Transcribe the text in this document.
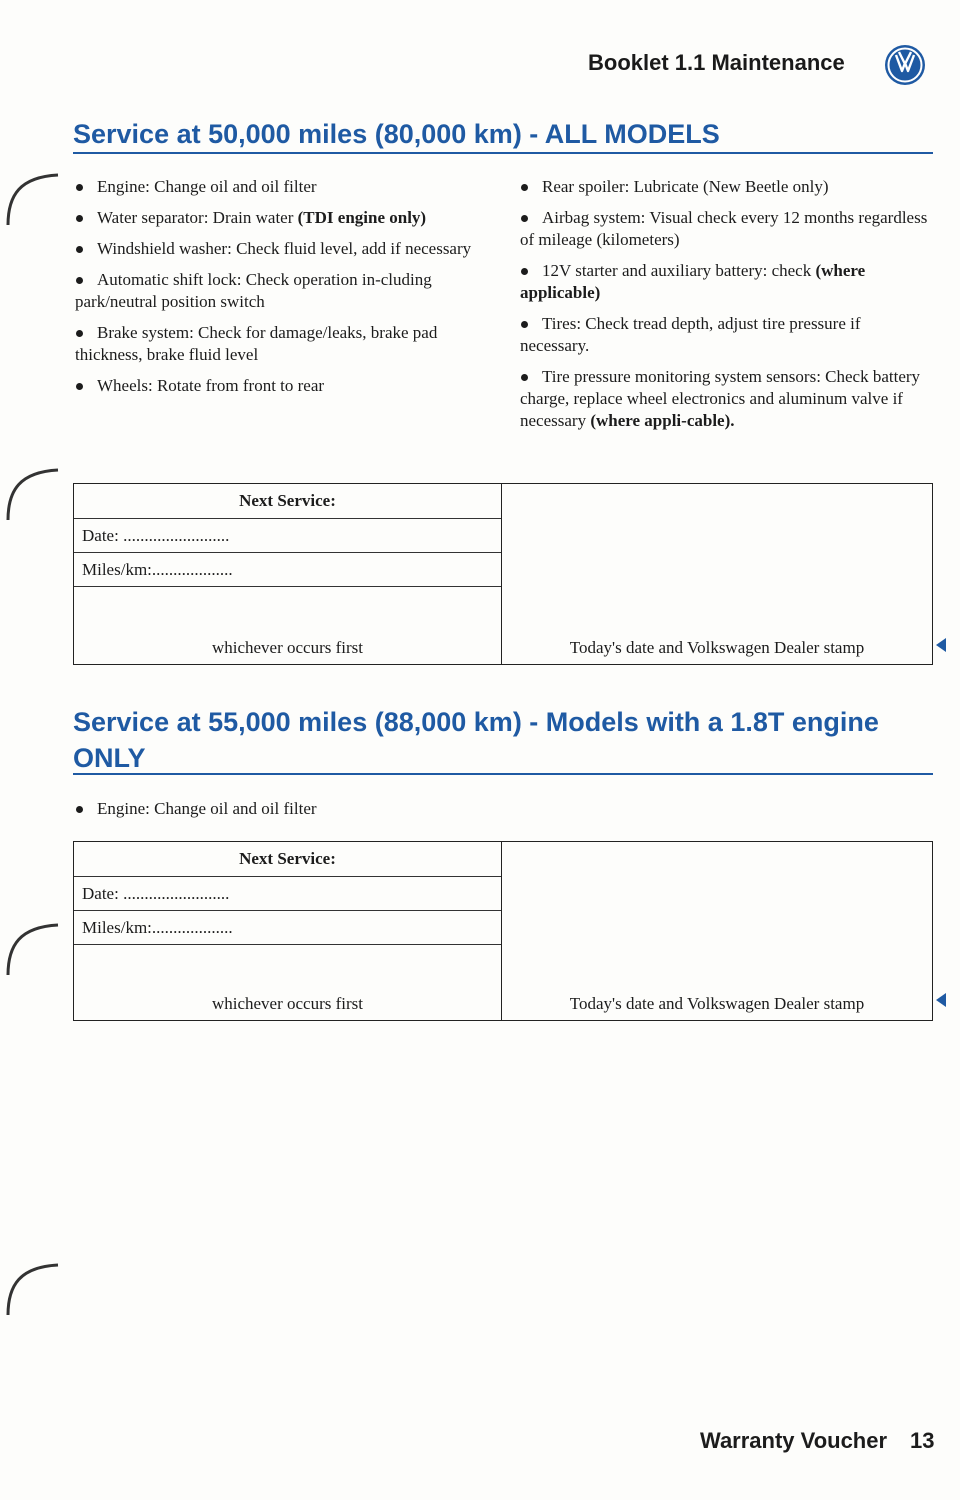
Booklet 1.1 Maintenance
Service at 50,000 miles (80,000 km) - ALL MODELS
Engine: Change oil and oil filter
Water separator: Drain water (TDI engine only)
Windshield washer: Check fluid level, add if necessary
Automatic shift lock: Check operation in-cluding park/neutral position switch
Brake system: Check for damage/leaks, brake pad thickness, brake fluid level
Wheels: Rotate from front to rear
Rear spoiler: Lubricate (New Beetle only)
Airbag system: Visual check every 12 months regardless of mileage (kilometers)
12V starter and auxiliary battery: check (where applicable)
Tires: Check tread depth, adjust tire pressure if necessary.
Tire pressure monitoring system sensors: Check battery charge, replace wheel electronics and aluminum valve if necessary (where appli-cable).
Next Service:
Date: .........................
Miles/km:...................
whichever occurs first	Today's date and Volkswagen Dealer stamp
Service at 55,000 miles (88,000 km) - Models with a 1.8T engine
ONLY
Engine: Change oil and oil filter
Next Service:
Date: .........................
Miles/km:...................
whichever occurs first	Today's date and Volkswagen Dealer stamp
Warranty Voucher 13
